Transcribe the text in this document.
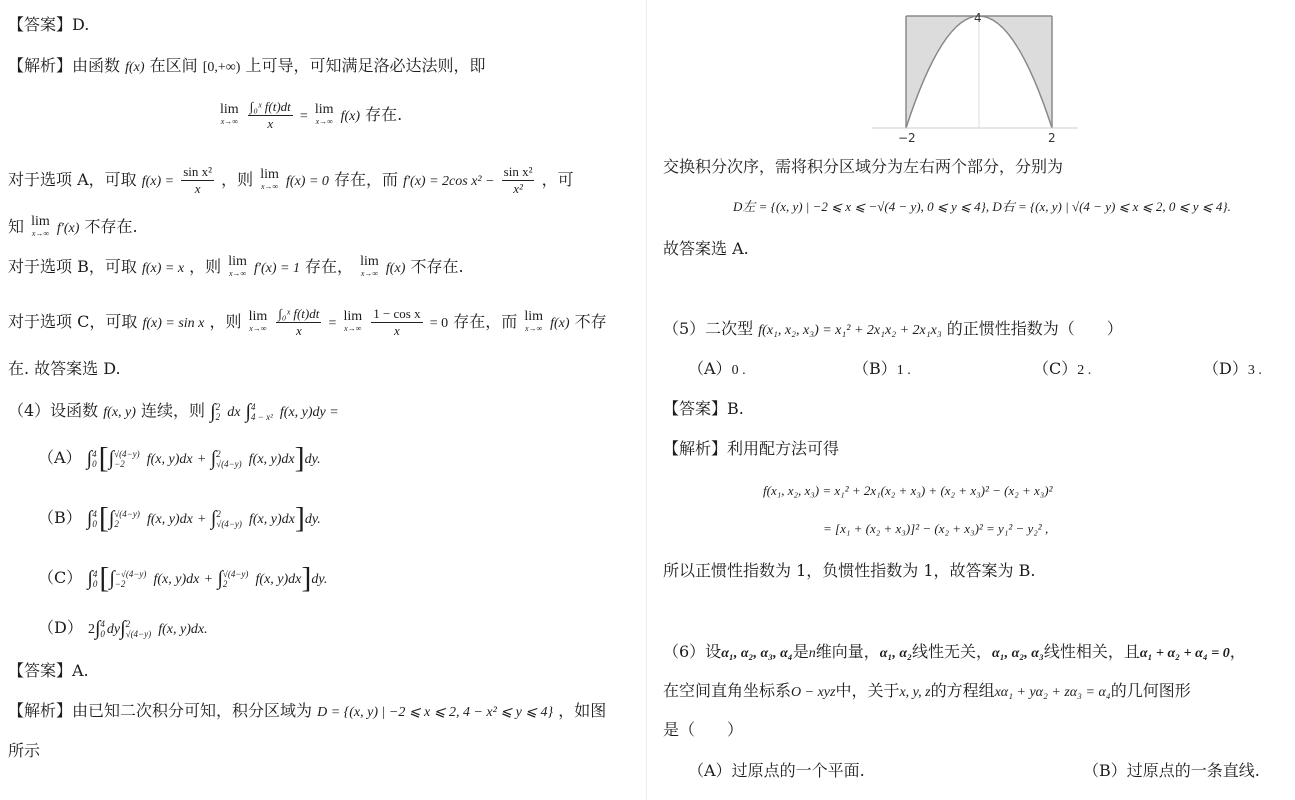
【答案】D.
【解析】由函数 f(x) 在区间 [0,+∞) 上可导，可知满足洛必达法则，即
lim
x→∞
$\frac{\text{∫₀ˣ f(t)dt}}{x} = \lim$
x→∞ f(x) 存在.
对于选项 A，可取 $f(x) = \frac{\text{sin x²}}{x}$ ，则 lim
x→∞ f(x) = 0 存在，而 f′(x) = 2cos $x^2 - \frac{\text{sin x²}}{\text{x²}}$ ，可
知 lim
x→∞ f′(x) 不存在.
对于选项 B，可取 f(x) = x ，则 lim
x→∞ f′(x) = 1 存在， lim
x→∞ f(x) 不存在.
对于选项 C，可取 f(x) = sin x ，则 lim
x→∞
$\frac{\text{∫₀ˣ f(t)dt}}{x} = \lim$
x→∞
$\frac{\text{1 − cos x}}{x} = 0$ 存在，而 lim
x→∞ f(x) 不存
在. 故答案选 D.
（4）设函数 f(x, y) 连续，则 ∫ 2
2 dx ∫ 4
4 − x² f(x, y)dy =
（A） ∫ 4
0 [∫ √(4−y)
−2	f(x, y)dx + ∫ 2
√(4−y) f(x, y)dx]dy.
（B） ∫ 4
0 [∫ √(4−y)
2	f(x, y)dx + ∫ 2
√(4−y) f(x, y)dx]dy.
（C） ∫ 4
0 [∫ −√(4−y)
−2	f(x, y)dx + ∫ √(4−y)
2	f(x, y)dx]dy.
（D） 2∫ 4
0 dy∫ 2
√(4−y) f(x, y)dx.
【答案】A.
【解析】由已知二次积分可知，积分区域为 D = {(x, y) | −2 ⩽ x ⩽ 2, 4 − x² ⩽ y ⩽ 4} ，如图
所示
4
−2	2
交换积分次序，需将积分区域分为左右两个部分，分别为
D左 = {(x, y) | −2 ⩽ x ⩽ −√(4 − y), 0 ⩽ y ⩽ 4}, D右 = {(x, y) | √(4 − y) ⩽ x ⩽ 2, 0 ⩽ y ⩽ 4}.
故答案选 A.
（5）二次型 f(x₁, x₂, x₃) = x₁² + 2x₁x₂ + 2x₁x₃ 的正惯性指数为（　　）
（A）0 .	（B）1 .	（C）2 .	（D）3 .
【答案】B.
【解析】利用配方法可得
f(x₁, x₂, x₃) = x₁² + 2x₁(x₂ + x₃) + (x₂ + x₃)² − (x₂ + x₃)²
= [x₁ + (x₂ + x₃)]² − (x₂ + x₃)² = y₁² − y₂² ,
所以正惯性指数为 1，负惯性指数为 1，故答案为 B.
（6）设α₁, α₂, α₃, α₄是n维向量，α₁, α₂线性无关，α₁, α₂, α₃线性相关，且α₁ + α₂ + α₄ = 0，
在空间直角坐标系O − xyz中，关于x, y, z的方程组xα₁ + yα₂ + zα₃ = α₄的几何图形
是（　　）
（A）过原点的一个平面.	（B）过原点的一条直线.
